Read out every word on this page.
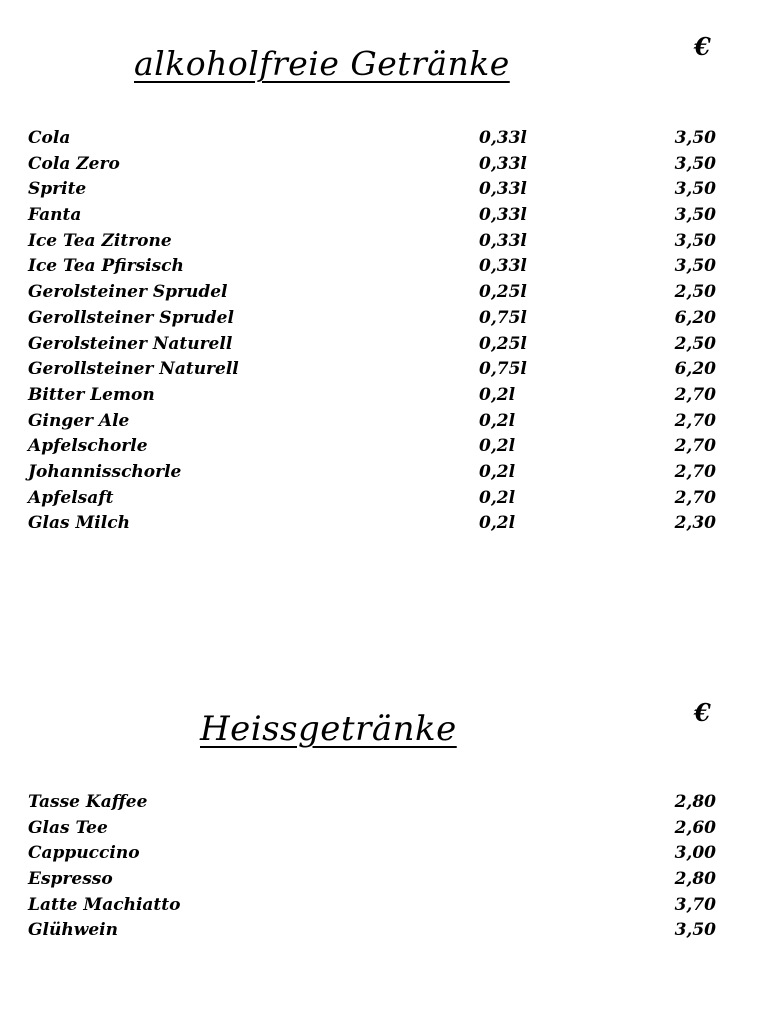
alkoholfreie Getränke	€
Cola	0,33l	3,50
Cola Zero	0,33l	3,50
Sprite	0,33l	3,50
Fanta	0,33l	3,50
Ice Tea Zitrone	0,33l	3,50
Ice Tea Pfirsisch	0,33l	3,50
Gerolsteiner Sprudel	0,25l	2,50
Gerollsteiner Sprudel	0,75l	6,20
Gerolsteiner Naturell	0,25l	2,50
Gerollsteiner Naturell	0,75l	6,20
Bitter Lemon	0,2l	2,70
Ginger Ale	0,2l	2,70
Apfelschorle	0,2l	2,70
Johannisschorle	0,2l	2,70
Apfelsaft	0,2l	2,70
Glas Milch	0,2l	2,30
Heissgetränke	€
Tasse Kaffee	2,80
Glas Tee	2,60
Cappuccino	3,00
Espresso	2,80
Latte Machiatto	3,70
Glühwein	3,50
